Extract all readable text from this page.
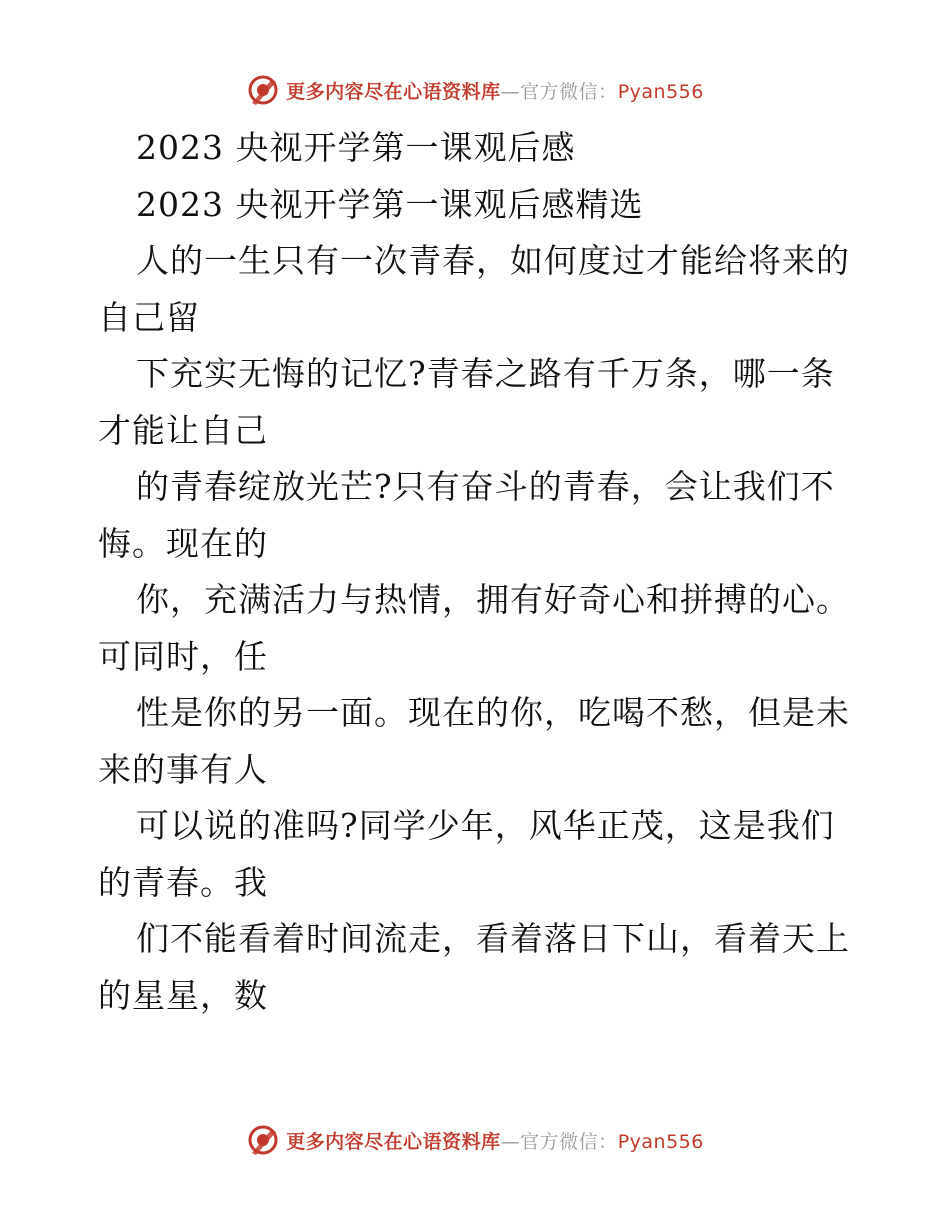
更多内容尽在心语资料库—官方微信：Pyan556
2023 央视开学第一课观后感
2023 央视开学第一课观后感精选
人的一生只有一次青春，如何度过才能给将来的
自己留
下充实无悔的记忆?青春之路有千万条，哪一条
才能让自己
的青春绽放光芒?只有奋斗的青春，会让我们不
悔。现在的
你，充满活力与热情，拥有好奇心和拼搏的心。
可同时，任
性是你的另一面。现在的你，吃喝不愁，但是未
来的事有人
可以说的准吗?同学少年，风华正茂，这是我们
的青春。我
们不能看着时间流走，看着落日下山，看着天上
的星星，数
更多内容尽在心语资料库—官方微信：Pyan556
